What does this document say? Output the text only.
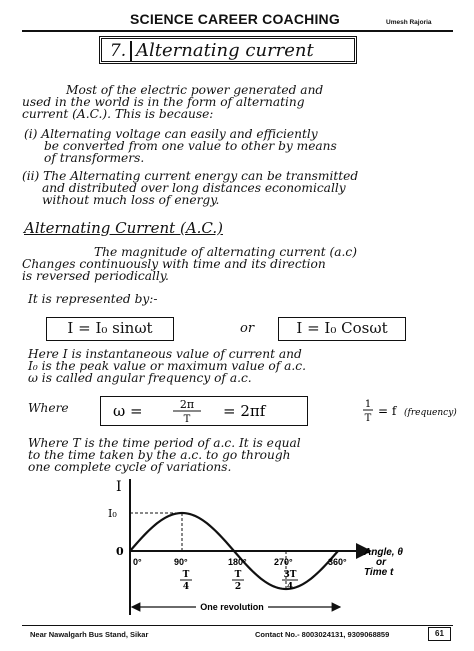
SCIENCE CAREER COACHING	Umesh Rajoria
7. Alternating current
Most of the electric power generated and
used in the world is in the form of alternating
current (A.C.). This is because:
(i) Alternating voltage can easily and efficiently
be converted from one value to other by means
of transformers.
(ii) The Alternating current energy can be transmitted
and distributed over long distances economically
without much loss of energy.
Alternating Current (A.C.)
The magnitude of alternating current (a.c)
Changes continuously with time and its direction
is reversed periodically.
It is represented by:-
I = I₀ sinωt	or	I = I₀ Cosωt
Here I is instantaneous value of current and
I₀ is the peak value or maximum value of a.c.
ω is called angular frequency of a.c.
Where	ω =	2π
T = 2πf	1
T
= f (frequency)
Where T is the time period of a.c. It is equal
to the time taken by the a.c. to go through
one complete cycle of variations.
I
I₀
0
0°	90°	180°	270°	360°
T
4
T
2
3T
4
Angle, θ
or
Time t
One revolution
Near Nawalgarh Bus Stand, Sikar	Contact No.- 8003024131, 9309068859	61
